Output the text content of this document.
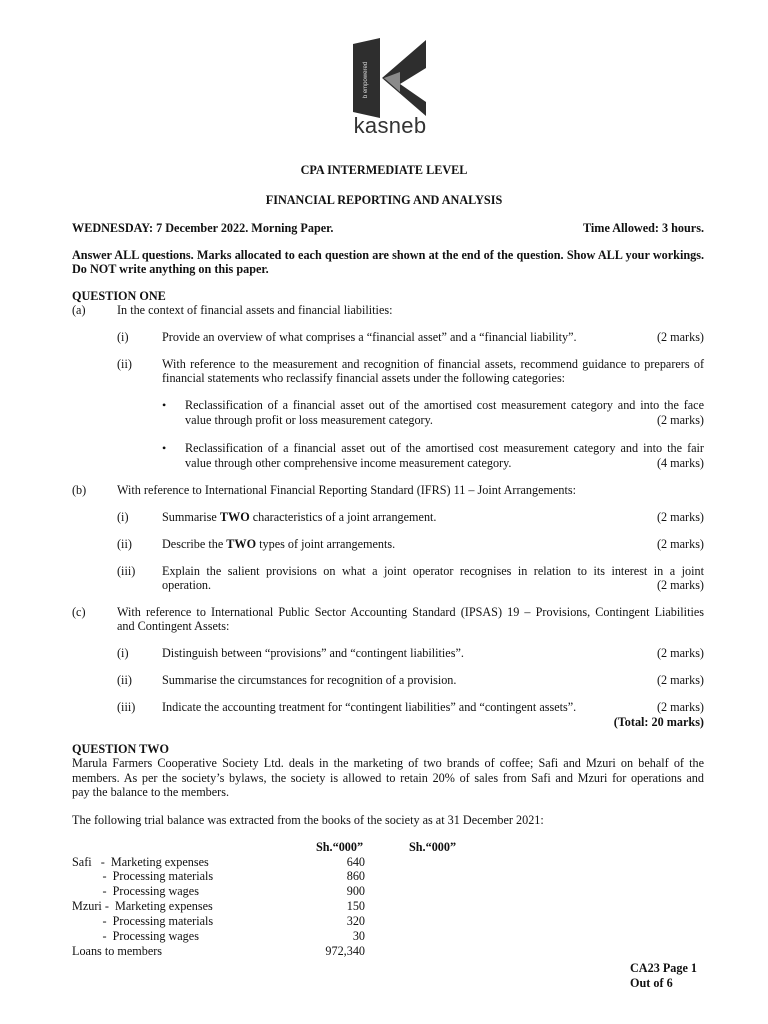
b empowered
kasneb
CPA INTERMEDIATE LEVEL
FINANCIAL REPORTING AND ANALYSIS
WEDNESDAY: 7 December 2022. Morning Paper.	Time Allowed: 3 hours.
Answer ALL questions. Marks allocated to each question are shown at the end of the question. Show ALL your workings.
Do NOT write anything on this paper.
QUESTION ONE
(a)	In the context of financial assets and financial liabilities:
(i)	Provide an overview of what comprises a “financial asset” and a “financial liability”.	(2 marks)
(ii) With reference to the measurement and recognition of financial assets, recommend guidance to preparers of
financial statements who reclassify financial assets under the following categories:
• Reclassification of a financial asset out of the amortised cost measurement category and into the face
value through profit or loss measurement category.	(2 marks)
• Reclassification of a financial asset out of the amortised cost measurement category and into the fair
value through other comprehensive income measurement category.	(4 marks)
(b)	With reference to International Financial Reporting Standard (IFRS) 11 – Joint Arrangements:
(i)	Summarise TWO characteristics of a joint arrangement.	(2 marks)
(ii) Describe the TWO types of joint arrangements.	(2 marks)
(iii) Explain the salient provisions on what a joint operator recognises in relation to its interest in a joint
operation.	(2 marks)
(c)	With reference to International Public Sector Accounting Standard (IPSAS) 19 – Provisions, Contingent Liabilities
and Contingent Assets:
(i)	Distinguish between “provisions” and “contingent liabilities”.	(2 marks)
(ii) Summarise the circumstances for recognition of a provision.	(2 marks)
(iii) Indicate the accounting treatment for “contingent liabilities” and “contingent assets”.	(2 marks)
(Total: 20 marks)
QUESTION TWO
Marula Farmers Cooperative Society Ltd. deals in the marketing of two brands of coffee; Safi and Mzuri on behalf of the
members. As per the society’s bylaws, the society is allowed to retain 20% of sales from Safi and Mzuri for operations and
pay the balance to the members.
The following trial balance was extracted from the books of the society as at 31 December 2021:
Sh.“000”	Sh.“000”
Safi   -  Marketing expenses	640
-  Processing materials	860
-  Processing wages	900
Mzuri -  Marketing expenses	150
-  Processing materials	320
-  Processing wages	30
Loans to members	972,340
CA23 Page 1
Out of 6
